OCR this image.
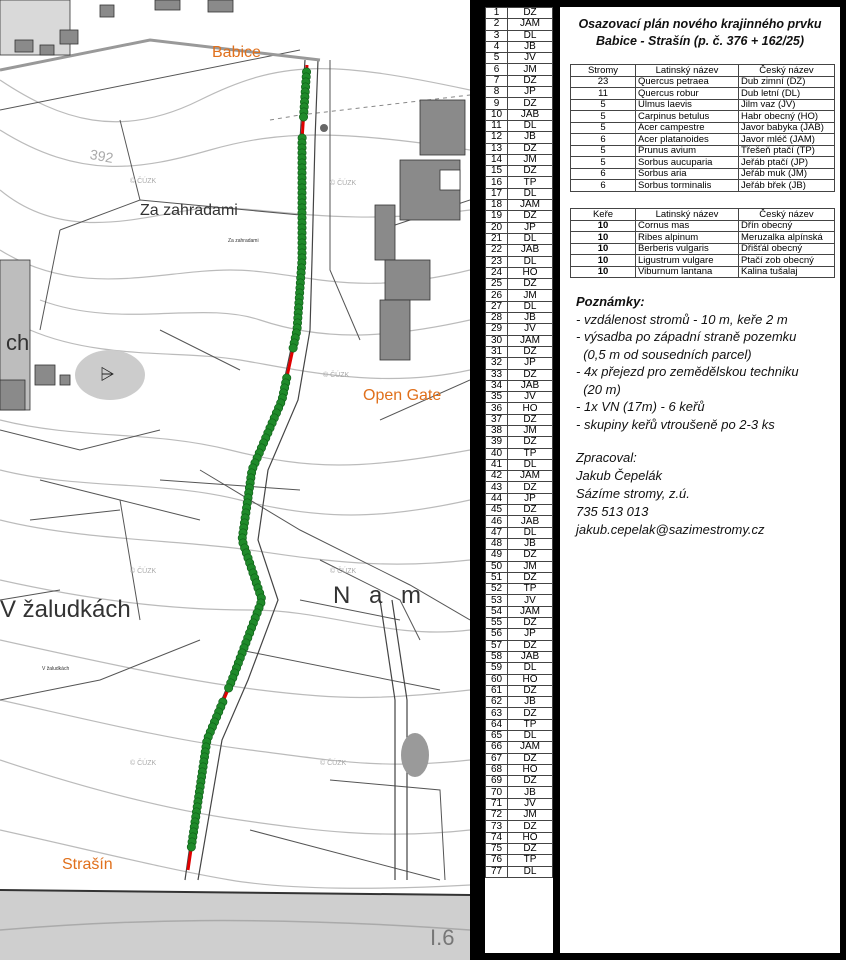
⩥
Babice
Strašín
Open Gate
Za zahradami
Za zahradami
V žaludkách
V žaludkách
ch
392
N a m
I.6
© ČÚZK
© ČÚZK
© ČÚZK
© ČÚZK	© ČÚZK
© ČÚZK	© ČÚZK
1	DZ
2	JAM
3	DL
4	JB
5	JV
6	JM
7	DZ
8	JP
9	DZ
10	JAB
11	DL
12	JB
13	DZ
14	JM
15	DZ
16	TP
17	DL
18	JAM
19	DZ
20	JP
21	DL
22	JAB
23	DL
24	HO
25	DZ
26	JM
27	DL
28	JB
29	JV
30	JAM
31	DZ
32	JP
33	DZ
34	JAB
35	JV
36	HO
37	DZ
38	JM
39	DZ
40	TP
41	DL
42	JAM
43	DZ
44	JP
45	DZ
46	JAB
47	DL
48	JB
49	DZ
50	JM
51	DZ
52	TP
53	JV
54	JAM
55	DZ
56	JP
57	DZ
58	JAB
59	DL
60	HO
61	DZ
62	JB
63	DZ
64	TP
65	DL
66	JAM
67	DZ
68	HO
69	DZ
70	JB
71	JV
72	JM
73	DZ
74	HO
75	DZ
76	TP
77	DL
Osazovací plán nového krajinného prvku
Babice - Strašín (p. č. 376 + 162/25)
Stromy	Latinský název	Český název
23	Quercus petraea	Dub zimní (DZ)
11	Quercus robur	Dub letní (DL)
5	Ulmus laevis	Jilm vaz (JV)
5	Carpinus betulus	Habr obecný (HO)
5	Acer campestre	Javor babyka (JAB)
6	Acer platanoides	Javor mléč (JAM)
5	Prunus avium	Třešeň ptačí (TP)
5	Sorbus aucuparia	Jeřáb ptačí (JP)
6	Sorbus aria	Jeřáb muk (JM)
6	Sorbus torminalis	Jeřáb břek (JB)
Keře	Latinský název	Český název
10	Cornus mas	Dřín obecný
10	Ribes alpinum	Meruzalka alpínská
10	Berberis vulgaris	Dřišťál obecný
10	Ligustrum vulgare	Ptačí zob obecný
10	Viburnum lantana	Kalina tušalaj
Poznámky:
- vzdálenost stromů - 10 m, keře 2 m
- výsadba po západní straně pozemku
(0,5 m od sousedních parcel)
- 4x přejezd pro zemědělskou techniku
(20 m)
- 1x VN (17m) - 6 keřů
- skupiny keřů vtroušeně po 2-3 ks
Zpracoval:
Jakub Čepelák
Sázíme stromy, z.ú.
735 513 013
jakub.cepelak@sazimestromy.cz
